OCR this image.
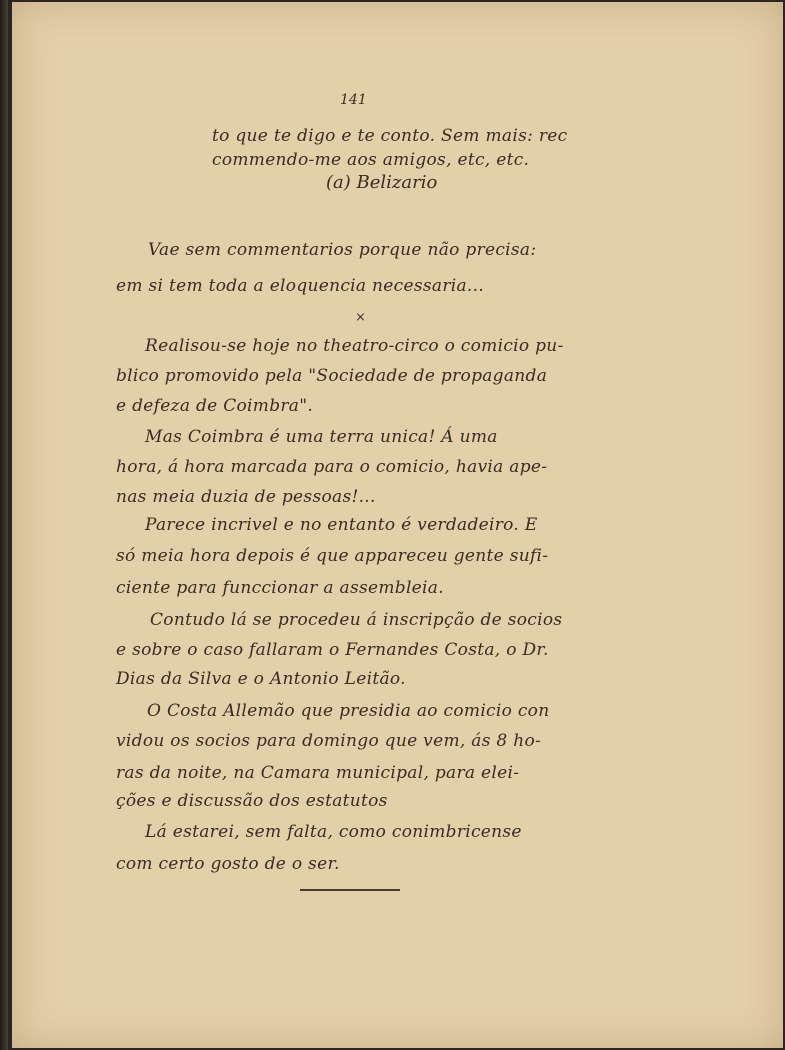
141
to que te digo e te conto. Sem mais: rec
commendo-me aos amigos, etc, etc.
(a) Belizario
Vae sem commentarios porque não precisa:
em si tem toda a eloquencia necessaria...
×
Realisou-se hoje no theatro-circo o comicio pu-
blico promovido pela "Sociedade de propaganda
e defeza de Coimbra".
Mas Coimbra é uma terra unica! Á uma
hora, á hora marcada para o comicio, havia ape-
nas meia duzia de pessoas!...
Parece incrivel e no entanto é verdadeiro. E
só meia hora depois é que appareceu gente sufi-
ciente para funccionar a assembleia.
Contudo lá se procedeu á inscripção de socios
e sobre o caso fallaram o Fernandes Costa, o Dr.
Dias da Silva e o Antonio Leitão.
O Costa Allemão que presidia ao comicio con
vidou os socios para domingo que vem, ás 8 ho-
ras da noite, na Camara municipal, para elei-
ções e discussão dos estatutos
Lá estarei, sem falta, como conimbricense
com certo gosto de o ser.
